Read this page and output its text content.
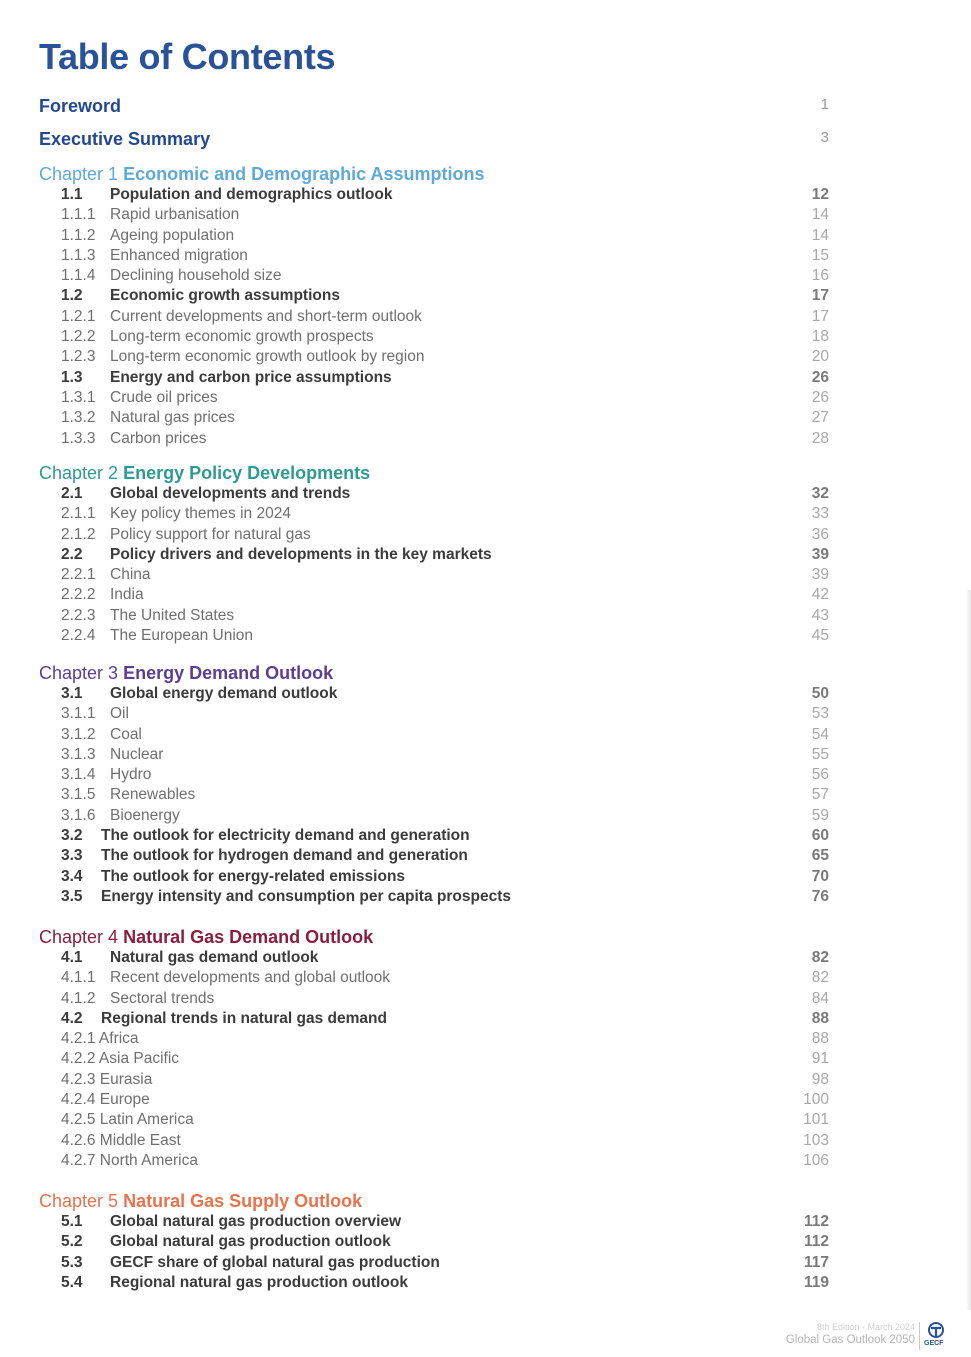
Table of Contents
Foreword	1
Executive Summary	3
Chapter 1 Economic and Demographic Assumptions
1.1 Population and demographics outlook	12
1.1.1 Rapid urbanisation	14
1.1.2 Ageing population	14
1.1.3 Enhanced migration	15
1.1.4 Declining household size	16
1.2 Economic growth assumptions	17
1.2.1 Current developments and short-term outlook	17
1.2.2 Long-term economic growth prospects	18
1.2.3 Long-term economic growth outlook by region	20
1.3 Energy and carbon price assumptions	26
1.3.1 Crude oil prices	26
1.3.2 Natural gas prices	27
1.3.3 Carbon prices	28
Chapter 2 Energy Policy Developments
2.1 Global developments and trends	32
2.1.1 Key policy themes in 2024	33
2.1.2 Policy support for natural gas	36
2.2 Policy drivers and developments in the key markets	39
2.2.1 China	39
2.2.2 India	42
2.2.3 The United States	43
2.2.4 The European Union	45
Chapter 3 Energy Demand Outlook
3.1 Global energy demand outlook	50
3.1.1 Oil	53
3.1.2 Coal	54
3.1.3 Nuclear	55
3.1.4 Hydro	56
3.1.5 Renewables	57
3.1.6 Bioenergy	59
3.2 The outlook for electricity demand and generation	60
3.3 The outlook for hydrogen demand and generation	65
3.4 The outlook for energy-related emissions	70
3.5 Energy intensity and consumption per capita prospects	76
Chapter 4 Natural Gas Demand Outlook
4.1 Natural gas demand outlook	82
4.1.1 Recent developments and global outlook	82
4.1.2 Sectoral trends	84
4.2 Regional trends in natural gas demand	88
4.2.1 Africa	88
4.2.2 Asia Pacific	91
4.2.3 Eurasia	98
4.2.4 Europe	100
4.2.5 Latin America	101
4.2.6 Middle East	103
4.2.7 North America	106
Chapter 5 Natural Gas Supply Outlook
5.1 Global natural gas production overview	112
5.2 Global natural gas production outlook	112
5.3 GECF share of global natural gas production	117
5.4 Regional natural gas production outlook	119
8th Edition - March 2024
Global Gas Outlook 2050 GECF
